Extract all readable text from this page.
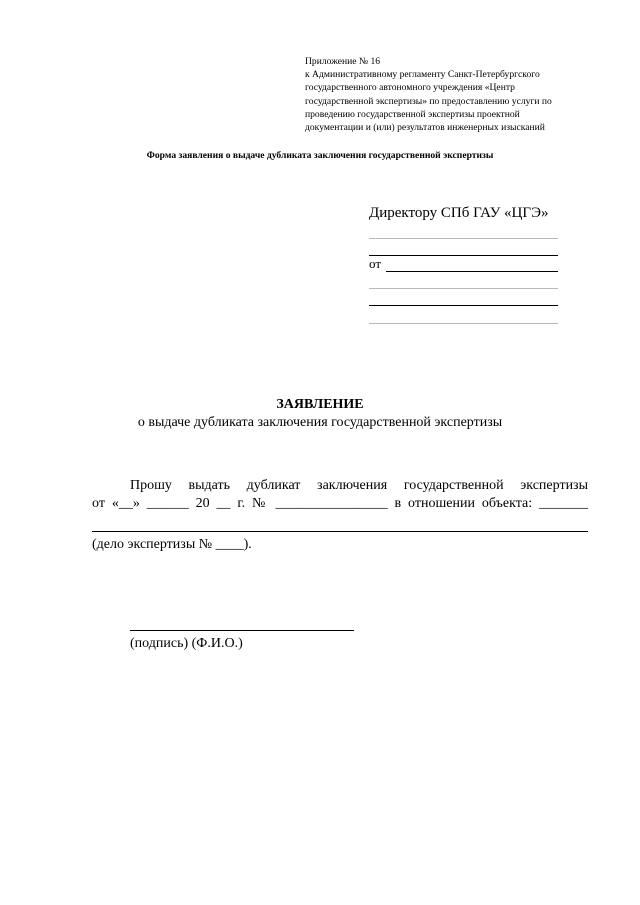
Приложение № 16
к Административному регламенту Санкт-Петербургского
государственного автономного учреждения «Центр
государственной экспертизы» по предоставлению услуги по
проведению государственной экспертизы проектной
документации и (или) результатов инженерных изысканий
Форма заявления о выдаче дубликата заключения государственной экспертизы
Директору СПб ГАУ «ЦГЭ»
от
ЗАЯВЛЕНИЕ
о выдаче дубликата заключения государственной экспертизы
Прошу выдать дубликат заключения государственной экспертизы
от «__» ______ 20 __ г. № ________________ в отношении объекта: _______
(дело экспертизы № ____).
(подпись) (Ф.И.О.)
